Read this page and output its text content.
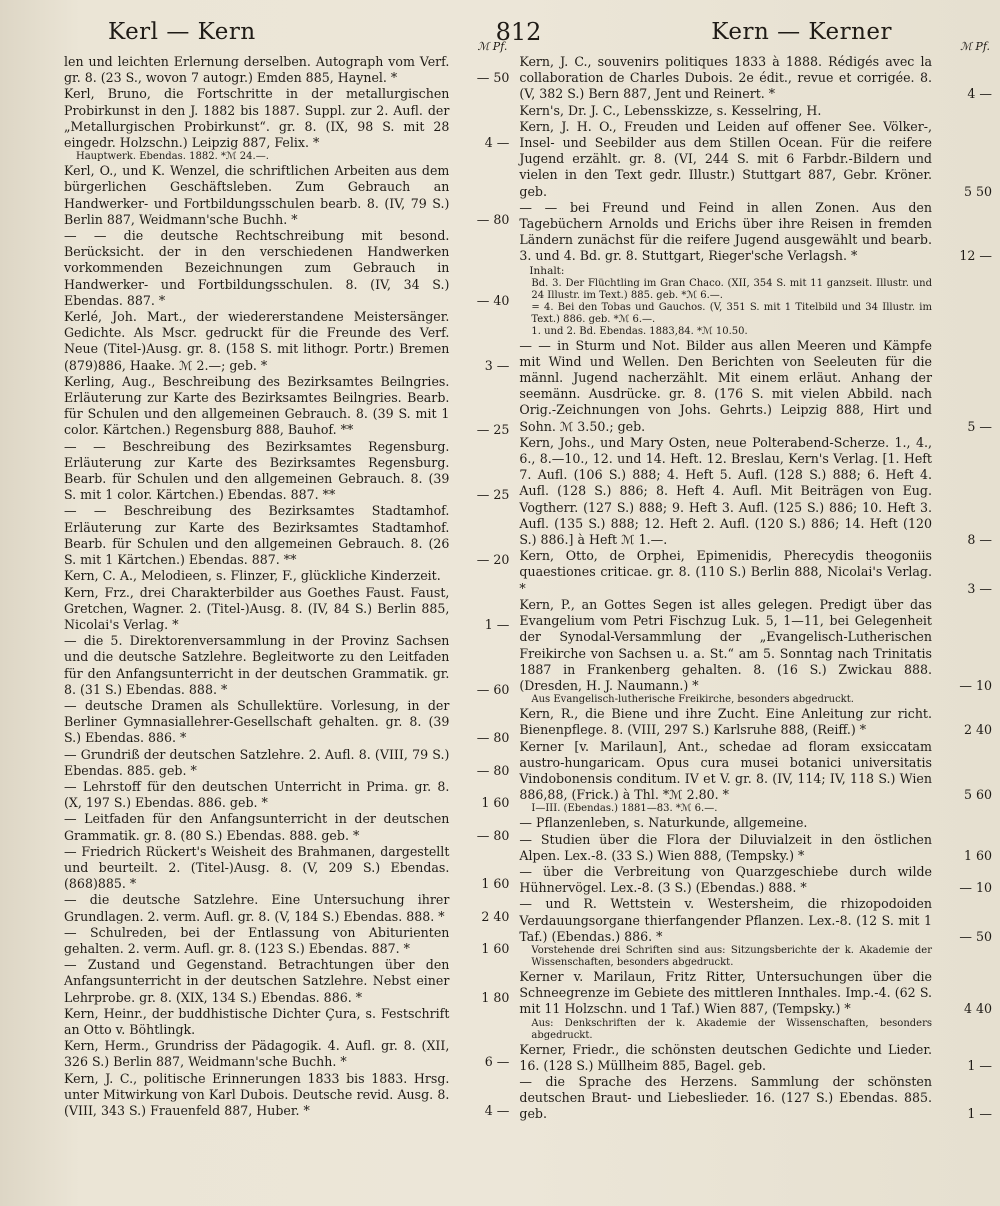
Kerl — Kern	812	Kern — Kerner
ℳ Pf.

len und leichten Erlernung derselben. Autograph vom Verf. gr. 8. (23 S., wovon 7 autogr.) Emden 885, Haynel. *	— 50

Kerl, Bruno, die Fortschritte in der metallurgischen Probirkunst in den J. 1882 bis 1887. Suppl. zur 2. Aufl. der „Metallurgischen Probirkunst“. gr. 8. (IX, 98 S. mit 28 eingedr. Holzschn.) Leipzig 887, Felix. *	4 —

Hauptwerk. Ebendas. 1882. *ℳ 24.—.

Kerl, O., und K. Wenzel, die schriftlichen Arbeiten aus dem bürgerlichen Geschäftsleben. Zum Gebrauch an Handwerker- und Fortbildungsschulen bearb. 8. (IV, 79 S.) Berlin 887, Weidmann'sche Buchh. *	— 80

— — die deutsche Rechtschreibung mit besond. Berücksicht. der in den verschiedenen Handwerken vorkommenden Bezeichnungen zum Gebrauch in Handwerker- und Fortbildungsschulen. 8. (IV, 34 S.) Ebendas. 887. *	— 40

Kerlé, Joh. Mart., der wiedererstandene Meistersänger. Gedichte. Als Mscr. gedruckt für die Freunde des Verf. Neue (Titel-)Ausg. gr. 8. (158 S. mit lithogr. Portr.) Bremen (879)886, Haake. ℳ 2.—; geb. *	3 —

Kerling, Aug., Beschreibung des Bezirksamtes Beilngries. Erläuterung zur Karte des Bezirksamtes Beilngries. Bearb. für Schulen und den allgemeinen Gebrauch. 8. (39 S. mit 1 color. Kärtchen.) Regensburg 888, Bauhof. **	— 25

— — Beschreibung des Bezirksamtes Regensburg. Erläuterung zur Karte des Bezirksamtes Regensburg. Bearb. für Schulen und den allgemeinen Gebrauch. 8. (39 S. mit 1 color. Kärtchen.) Ebendas. 887. **	— 25

— — Beschreibung des Bezirksamtes Stadtamhof. Erläuterung zur Karte des Bezirksamtes Stadtamhof. Bearb. für Schulen und den allgemeinen Gebrauch. 8. (26 S. mit 1 Kärtchen.) Ebendas. 887. **	— 20

Kern, C. A., Melodieen, s. Flinzer, F., glückliche Kinderzeit.

Kern, Frz., drei Charakterbilder aus Goethes Faust. Faust, Gretchen, Wagner. 2. (Titel-)Ausg. 8. (IV, 84 S.) Berlin 885, Nicolai's Verlag. *	1 —

— die 5. Direktorenversammlung in der Provinz Sachsen und die deutsche Satzlehre. Begleitworte zu den Leitfaden für den Anfangsunterricht in der deutschen Grammatik. gr. 8. (31 S.) Ebendas. 888. *	— 60

— deutsche Dramen als Schullektüre. Vorlesung, in der Berliner Gymnasiallehrer-Gesellschaft gehalten. gr. 8. (39 S.) Ebendas. 886. *	— 80

— Grundriß der deutschen Satzlehre. 2. Aufl. 8. (VIII, 79 S.) Ebendas. 885. geb. *	— 80

— Lehrstoff für den deutschen Unterricht in Prima. gr. 8. (X, 197 S.) Ebendas. 886. geb. *	1 60

— Leitfaden für den Anfangsunterricht in der deutschen Grammatik. gr. 8. (80 S.) Ebendas. 888. geb. *	— 80

— Friedrich Rückert's Weisheit des Brahmanen, dargestellt und beurteilt. 2. (Titel-)Ausg. 8. (V, 209 S.) Ebendas. (868)885. *	1 60

— die deutsche Satzlehre. Eine Untersuchung ihrer Grundlagen. 2. verm. Aufl. gr. 8. (V, 184 S.) Ebendas. 888. *	2 40

— Schulreden, bei der Entlassung von Abiturienten gehalten. 2. verm. Aufl. gr. 8. (123 S.) Ebendas. 887. *	1 60

— Zustand und Gegenstand. Betrachtungen über den Anfangsunterricht in der deutschen Satzlehre. Nebst einer Lehrprobe. gr. 8. (XIX, 134 S.) Ebendas. 886. *	1 80

Kern, Heinr., der buddhistische Dichter Çura, s. Festschrift an Otto v. Böhtlingk.

Kern, Herm., Grundriss der Pädagogik. 4. Aufl. gr. 8. (XII, 326 S.) Berlin 887, Weidmann'sche Buchh. *	6 —

Kern, J. C., politische Erinnerungen 1833 bis 1883. Hrsg. unter Mitwirkung von Karl Dubois. Deutsche revid. Ausg. 8. (VIII, 343 S.) Frauenfeld 887, Huber. *	4 —

ℳ Pf.

Kern, J. C., souvenirs politiques 1833 à 1888. Rédigés avec la collaboration de Charles Dubois. 2e édit., revue et corrigée. 8. (V, 382 S.) Bern 887, Jent und Reinert. *	4 —

Kern's, Dr. J. C., Lebensskizze, s. Kesselring, H.

Kern, J. H. O., Freuden und Leiden auf offener See. Völker-, Insel- und Seebilder aus dem Stillen Ocean. Für die reifere Jugend erzählt. gr. 8. (VI, 244 S. mit 6 Farbdr.-Bildern und vielen in den Text gedr. Illustr.) Stuttgart 887, Gebr. Kröner. geb.	5 50

— — bei Freund und Feind in allen Zonen. Aus den Tagebüchern Arnolds und Erichs über ihre Reisen in fremden Ländern zunächst für die reifere Jugend ausgewählt und bearb. 3. und 4. Bd. gr. 8. Stuttgart, Rieger'sche Verlagsh. *	12 —

Inhalt:

Bd. 3. Der Flüchtling im Gran Chaco. (XII, 354 S. mit 11 ganzseit. Illustr. und 24 Illustr. im Text.) 885. geb. *ℳ 6.—.

= 4. Bei den Tobas und Gauchos. (V, 351 S. mit 1 Titelbild und 34 Illustr. im Text.) 886. geb. *ℳ 6.—.

1. und 2. Bd. Ebendas. 1883,84. *ℳ 10.50.

— — in Sturm und Not. Bilder aus allen Meeren und Kämpfe mit Wind und Wellen. Den Berichten von Seeleuten für die männl. Jugend nacherzählt. Mit einem erläut. Anhang der seemänn. Ausdrücke. gr. 8. (176 S. mit vielen Abbild. nach Orig.-Zeichnungen von Johs. Gehrts.) Leipzig 888, Hirt und Sohn. ℳ 3.50.; geb.	5 —

Kern, Johs., und Mary Osten, neue Polterabend-Scherze. 1., 4., 6., 8.—10., 12. und 14. Heft. 12. Breslau, Kern's Verlag. [1. Heft 7. Aufl. (106 S.) 888; 4. Heft 5. Aufl. (128 S.) 888; 6. Heft 4. Aufl. (128 S.) 886; 8. Heft 4. Aufl. Mit Beiträgen von Eug. Vogtherr. (127 S.) 888; 9. Heft 3. Aufl. (125 S.) 886; 10. Heft 3. Aufl. (135 S.) 888; 12. Heft 2. Aufl. (120 S.) 886; 14. Heft (120 S.) 886.] à Heft ℳ 1.—.	8 —

Kern, Otto, de Orphei, Epimenidis, Pherecydis theogoniis quaestiones criticae. gr. 8. (110 S.) Berlin 888, Nicolai's Verlag. *	3 —

Kern, P., an Gottes Segen ist alles gelegen. Predigt über das Evangelium vom Petri Fischzug Luk. 5, 1—11, bei Gelegenheit der Synodal-Versammlung der „Evangelisch-Lutherischen Freikirche von Sachsen u. a. St.“ am 5. Sonntag nach Trinitatis 1887 in Frankenberg gehalten. 8. (16 S.) Zwickau 888. (Dresden, H. J. Naumann.) *	— 10

Aus Evangelisch-lutherische Freikirche, besonders abgedruckt.

Kern, R., die Biene und ihre Zucht. Eine Anleitung zur richt. Bienenpflege. 8. (VIII, 297 S.) Karlsruhe 888, (Reiff.) *	2 40

Kerner [v. Marilaun], Ant., schedae ad floram exsiccatam austro-hungaricam. Opus cura musei botanici universitatis Vindobonensis conditum. IV et V. gr. 8. (IV, 114; IV, 118 S.) Wien 886,88, (Frick.) à Thl. *ℳ 2.80. *	5 60

I—III. (Ebendas.) 1881—83. *ℳ 6.—.

— Pflanzenleben, s. Naturkunde, allgemeine.

— Studien über die Flora der Diluvialzeit in den östlichen Alpen. Lex.-8. (33 S.) Wien 888, (Tempsky.) *	1 60

— über die Verbreitung von Quarzgeschiebe durch wilde Hühnervögel. Lex.-8. (3 S.) (Ebendas.) 888. *	— 10

— und R. Wettstein v. Westersheim, die rhizopodoiden Verdauungsorgane thierfangender Pflanzen. Lex.-8. (12 S. mit 1 Taf.) (Ebendas.) 886. *	— 50

Vorstehende drei Schriften sind aus: Sitzungsberichte der k. Akademie der Wissenschaften, besonders abgedruckt.

Kerner v. Marilaun, Fritz Ritter, Untersuchungen über die Schneegrenze im Gebiete des mittleren Innthales. Imp.-4. (62 S. mit 11 Holzschn. und 1 Taf.) Wien 887, (Tempsky.) *	4 40

Aus: Denkschriften der k. Akademie der Wissenschaften, besonders abgedruckt.

Kerner, Friedr., die schönsten deutschen Gedichte und Lieder. 16. (128 S.) Müllheim 885, Bagel. geb.	1 —

— die Sprache des Herzens. Sammlung der schönsten deutschen Braut- und Liebeslieder. 16. (127 S.) Ebendas. 885. geb.	1 —
